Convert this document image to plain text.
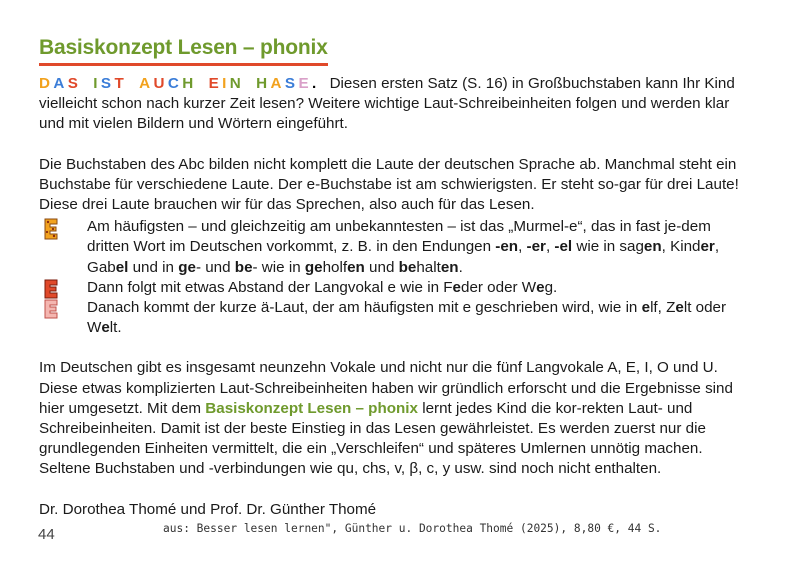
Basiskonzept Lesen – phonix

D A S I S T A U C H E I N H A S E . Diesen ersten Satz (S. 16) in Großbuchstaben kann Ihr Kind vielleicht schon nach kurzer Zeit lesen? Weitere wichtige Laut-Schreibeinheiten folgen und werden klar und mit vielen Bildern und Wörtern eingeführt.

Die Buchstaben des Abc bilden nicht komplett die Laute der deutschen Sprache ab. Manchmal steht ein Buchstabe für verschiedene Laute. Der e-Buchstabe ist am schwierigsten. Er steht so-gar für drei Laute! Diese drei Laute brauchen wir für das Sprechen, also auch für das Lesen.

Am häufigsten – und gleichzeitig am unbekanntesten – ist das „Murmel-e“, das in fast je-dem dritten Wort im Deutschen vorkommt, z. B. in den Endungen -en, -er, -el wie in sagen, Kinder, Gabel und in ge- und be- wie in geholfen und behalten.
Dann folgt mit etwas Abstand der Langvokal e wie in Feder oder Weg.
Danach kommt der kurze ä-Laut, der am häufigsten mit e geschrieben wird, wie in elf, Zelt oder Welt.

Im Deutschen gibt es insgesamt neunzehn Vokale und nicht nur die fünf Langvokale A, E, I, O und U. Diese etwas komplizierten Laut-Schreibeinheiten haben wir gründlich erforscht und die Ergebnisse sind hier umgesetzt. Mit dem Basiskonzept Lesen – phonix lernt jedes Kind die kor-rekten Laut- und Schreibeinheiten. Damit ist der beste Einstieg in das Lesen gewährleistet. Es werden zuerst nur die grundlegenden Einheiten vermittelt, die ein „Verschleifen“ und späteres Umlernen unnötig machen. Seltene Buchstaben und -verbindungen wie qu, chs, v, β, c, y usw. sind noch nicht enthalten.

Dr. Dorothea Thomé und Prof. Dr. Günther Thomé

44	aus: Besser lesen lernen", Günther u. Dorothea Thomé (2025), 8,80 €, 44 S.
